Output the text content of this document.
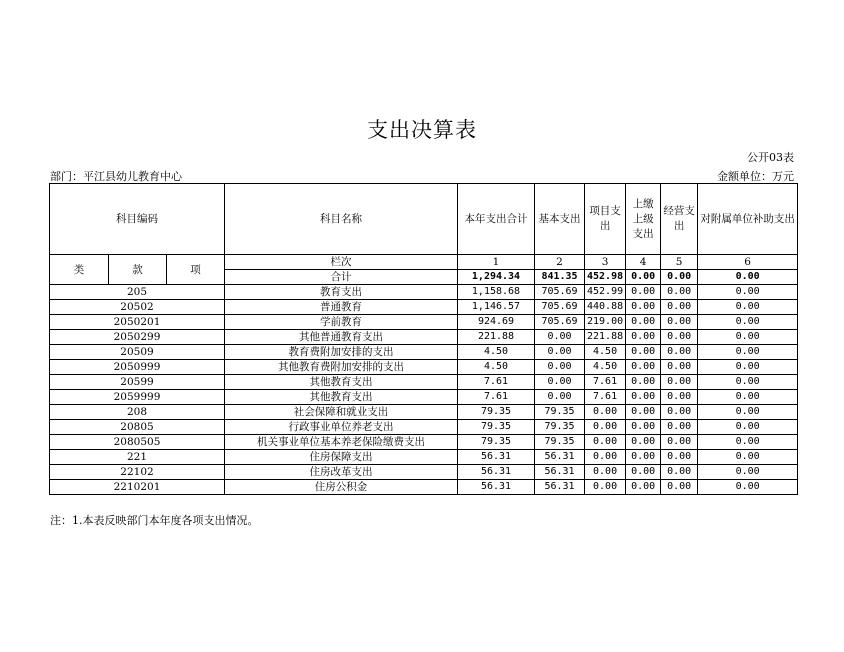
支出决算表
公开03表
部门：平江县幼儿教育中心	金额单位：万元
科目编码			科目名称	本年支出合计	基本支出	项目支出	上缴上级支出	经营支出	对附属单位补助支出
类	款	项	栏次	1	2	3	4	5	6
			合计	1,294.34	841.35	452.98	0.00	0.00	0.00
205			教育支出	1,158.68	705.69	452.99	0.00	0.00	0.00
20502			普通教育	1,146.57	705.69	440.88	0.00	0.00	0.00
2050201			学前教育	924.69	705.69	219.00	0.00	0.00	0.00
2050299			其他普通教育支出	221.88	0.00	221.88	0.00	0.00	0.00
20509			教育费附加安排的支出	4.50	0.00	4.50	0.00	0.00	0.00
2050999			其他教育费附加安排的支出	4.50	0.00	4.50	0.00	0.00	0.00
20599			其他教育支出	7.61	0.00	7.61	0.00	0.00	0.00
2059999			其他教育支出	7.61	0.00	7.61	0.00	0.00	0.00
208			社会保障和就业支出	79.35	79.35	0.00	0.00	0.00	0.00
20805			行政事业单位养老支出	79.35	79.35	0.00	0.00	0.00	0.00
2080505			机关事业单位基本养老保险缴费支出	79.35	79.35	0.00	0.00	0.00	0.00
221			住房保障支出	56.31	56.31	0.00	0.00	0.00	0.00
22102			住房改革支出	56.31	56.31	0.00	0.00	0.00	0.00
2210201			住房公积金	56.31	56.31	0.00	0.00	0.00	0.00
注：1.本表反映部门本年度各项支出情况。
